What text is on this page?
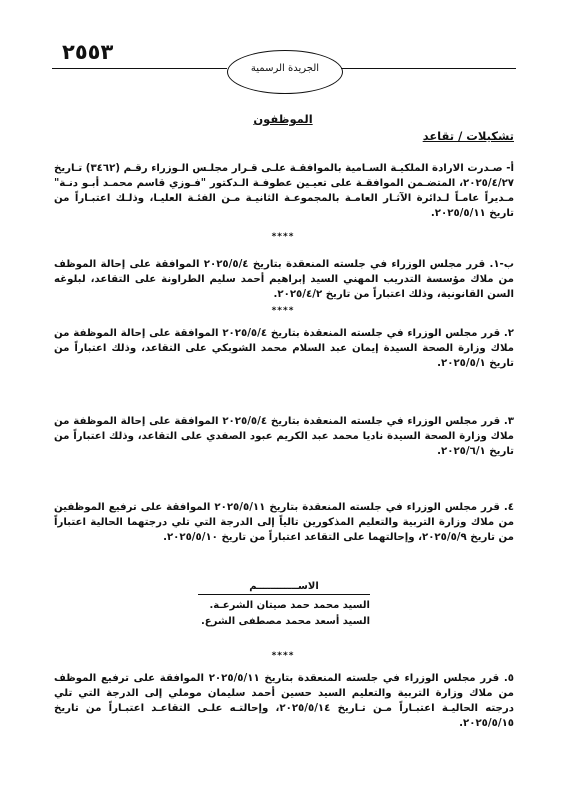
٢٥٥٣
الجريدة الرسمية
الموظفون
تشكيلات / تقاعد
أ- صـدرت الارادة الملكيـة السـامية بالموافقـة علـى قـرار مجلـس الـوزراء رقـم (٣٤٦٢) تـاريخ ٢٠٢٥/٤/٢٧، المتضـمن الموافقـة على تعيـين عطوفـة الـدكتور "فـوزي قاسم محمـد أبـو دنـة" مـديراً عامـاً لـدائرة الآثـار العامـة بالمجموعـة الثانيـة مـن الفئـة العليـا، وذلـك اعتبـاراً من تاريخ ٢٠٢٥/٥/١١.
****
ب-١. قرر مجلس الوزراء في جلسته المنعقدة بتاريخ ٢٠٢٥/٥/٤ الموافقة على إحالة الموظف من ملاك مؤسسة التدريب المهني السيد إبراهيم أحمد سليم الطراونة على التقاعد، لبلوغه السن القانونية، وذلك اعتباراً من تاريخ ٢٠٢٥/٤/٢.
****
٢. قرر مجلس الوزراء في جلسته المنعقدة بتاريخ ٢٠٢٥/٥/٤ الموافقة على إحالة الموظفة من ملاك وزارة الصحة السيدة إيمان عبد السلام محمد الشوبكي على التقاعد، وذلك اعتباراً من تاريخ ٢٠٢٥/٥/١.
٣. قرر مجلس الوزراء في جلسته المنعقدة بتاريخ ٢٠٢٥/٥/٤ الموافقة على إحالة الموظفة من ملاك وزارة الصحة السيدة ناديا محمد عبد الكريم عبود الصفدي على التقاعد، وذلك اعتباراً من تاريخ ٢٠٢٥/٦/١.
٤. قرر مجلس الوزراء في جلسته المنعقدة بتاريخ ٢٠٢٥/٥/١١ الموافقة على ترفيع الموظفين من ملاك وزارة التربية والتعليم المذكورين تالياً إلى الدرجة التي تلي درجتهما الحالية اعتباراً من تاريخ ٢٠٢٥/٥/٩، وإحالتهما على التقاعد اعتباراً من تاريخ ٢٠٢٥/٥/١٠.
الاســــــــــــم
السيد محمد حمد صيتان الشرعـة.
السيد أسعد محمد مصطفى الشرع.
****
٥. قرر مجلس الوزراء في جلسته المنعقدة بتاريخ ٢٠٢٥/٥/١١ الموافقة على ترفيع الموظف من ملاك وزارة التربية والتعليم السيد حسين أحمد سليمان موملي إلى الدرجة التي تلي درجته الحاليـة اعتبـاراً مـن تـاريخ ٢٠٢٥/٥/١٤، وإحالتـه علـى التقاعـد اعتبـاراً من تاريخ ٢٠٢٥/٥/١٥.
